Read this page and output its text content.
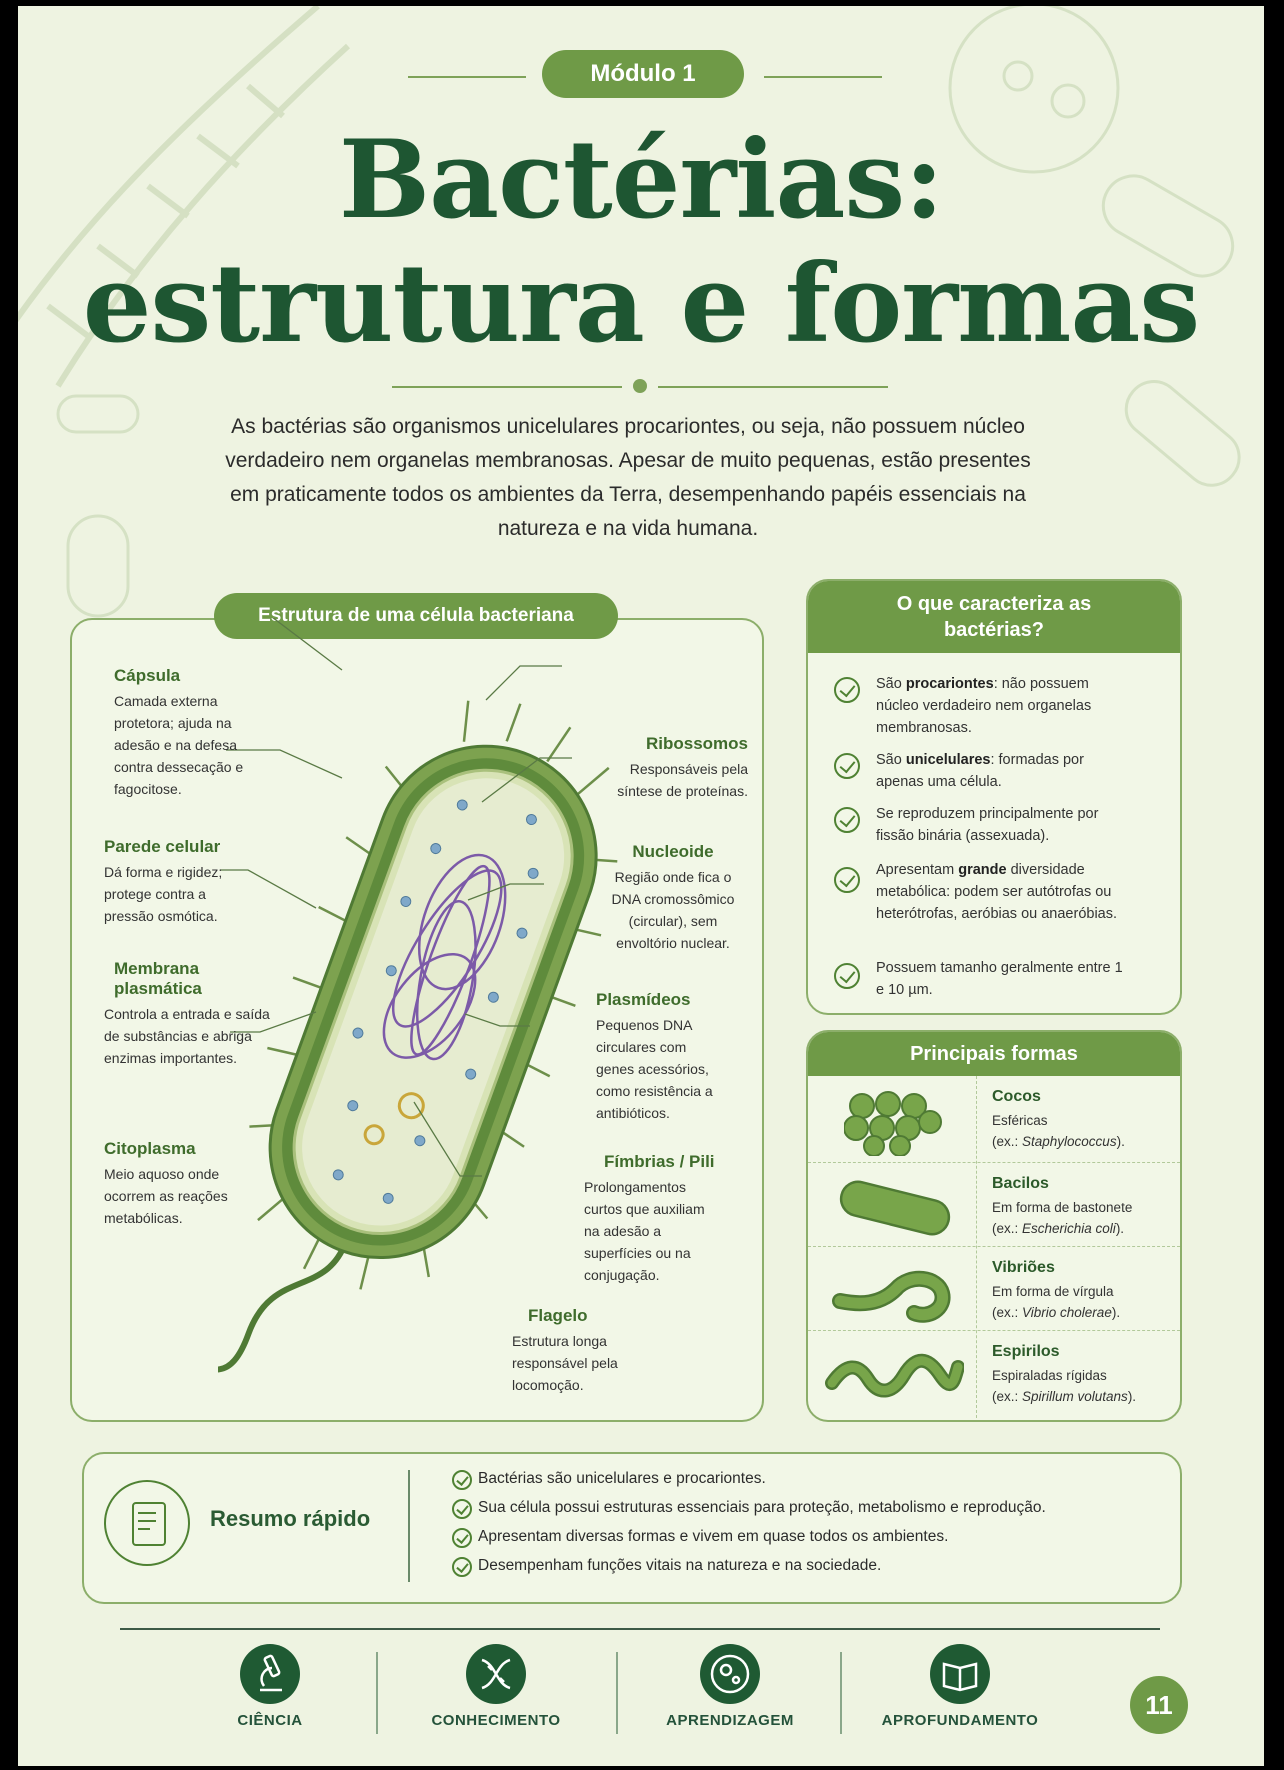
Módulo 1
Bactérias:
estrutura e formas
As bactérias são organismos unicelulares procariontes, ou seja, não possuem núcleo verdadeiro nem organelas membranosas. Apesar de muito pequenas, estão presentes em praticamente todos os ambientes da Terra, desempenhando papéis essenciais na natureza e na vida humana.
Estrutura de uma célula bacteriana
Cápsula
Camada externa protetora; ajuda na adesão e na defesa contra dessecação e fagocitose.
Parede celular
Dá forma e rigidez; protege contra a pressão osmótica.
Membrana plasmática
Controla a entrada e saída de substâncias e abriga enzimas importantes.
Citoplasma
Meio aquoso onde ocorrem as reações metabólicas.
Ribossomos
Responsáveis pela síntese de proteínas.
Nucleoide
Região onde fica o DNA cromossômico (circular), sem envoltório nuclear.
Plasmídeos
Pequenos DNA circulares com genes acessórios, como resistência a antibióticos.
Fímbrias / Pili
Prolongamentos curtos que auxiliam na adesão a superfícies ou na conjugação.
Flagelo
Estrutura longa responsável pela locomoção.
O que caracteriza as bactérias?
São procariontes: não possuem núcleo verdadeiro nem organelas membranosas.
São unicelulares: formadas por apenas uma célula.
Se reproduzem principalmente por fissão binária (assexuada).
Apresentam grande diversidade metabólica: podem ser autótrofas ou heterótrofas, aeróbias ou anaeróbias.
Possuem tamanho geralmente entre 1 e 10 µm.
Principais formas
Cocos
Esféricas
(ex.: Staphylococcus).
Bacilos
Em forma de bastonete
(ex.: Escherichia coli).
Vibriões
Em forma de vírgula
(ex.: Vibrio cholerae).
Espirilos
Espiraladas rígidas
(ex.: Spirillum volutans).
Resumo rápido
Bactérias são unicelulares e procariontes.
Sua célula possui estruturas essenciais para proteção, metabolismo e reprodução.
Apresentam diversas formas e vivem em quase todos os ambientes.
Desempenham funções vitais na natureza e na sociedade.
CIÊNCIA	CONHECIMENTO	APRENDIZAGEM	APROFUNDAMENTO
11
